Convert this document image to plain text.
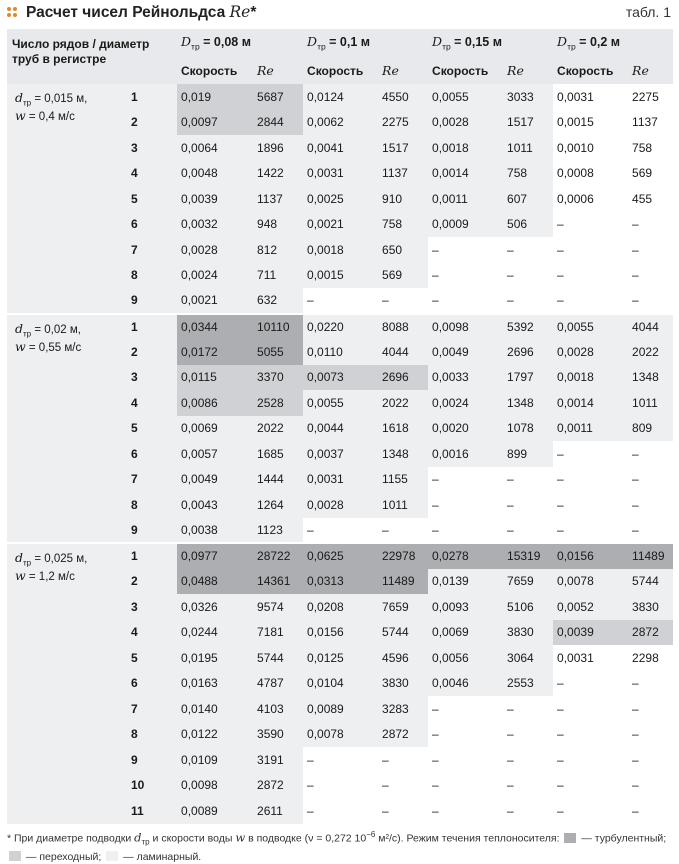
Расчет чисел Рейнольдса Re*	табл. 1
Число рядов / диаметр труб в регистре		$D_{тр} = 0,08$ м		$D_{тр} = 0,1$ м		$D_{тр} = 0,15$ м		$D_{тр} = 0,2$ м	
		Скорость	Re	Скорость	Re	Скорость	Re	Скорость	Re
$d_{тр} = 0,015$ м,
w = 0,4 м/с	1	0,019	5687	0,0124	4550	0,0055	3033	0,0031	2275
	2	0,0097	2844	0,0062	2275	0,0028	1517	0,0015	1137
	3	0,0064	1896	0,0041	1517	0,0018	1011	0,0010	758
	4	0,0048	1422	0,0031	1137	0,0014	758	0,0008	569
	5	0,0039	1137	0,0025	910	0,0011	607	0,0006	455
	6	0,0032	948	0,0021	758	0,0009	506	–	–
	7	0,0028	812	0,0018	650	–	–	–	–
	8	0,0024	711	0,0015	569	–	–	–	–
	9	0,0021	632	–	–	–	–	–	–
$d_{тр} = 0,02$ м,
w = 0,55 м/с	1	0,0344	10110	0,0220	8088	0,0098	5392	0,0055	4044
	2	0,0172	5055	0,0110	4044	0,0049	2696	0,0028	2022
	3	0,0115	3370	0,0073	2696	0,0033	1797	0,0018	1348
	4	0,0086	2528	0,0055	2022	0,0024	1348	0,0014	1011
	5	0,0069	2022	0,0044	1618	0,0020	1078	0,0011	809
	6	0,0057	1685	0,0037	1348	0,0016	899	–	–
	7	0,0049	1444	0,0031	1155	–	–	–	–
	8	0,0043	1264	0,0028	1011	–	–	–	–
	9	0,0038	1123	–	–	–	–	–	–
$d_{тр} = 0,025$ м,
w = 1,2 м/с	1	0,0977	28722	0,0625	22978	0,0278	15319	0,0156	11489
	2	0,0488	14361	0,0313	11489	0,0139	7659	0,0078	5744
	3	0,0326	9574	0,0208	7659	0,0093	5106	0,0052	3830
	4	0,0244	7181	0,0156	5744	0,0069	3830	0,0039	2872
	5	0,0195	5744	0,0125	4596	0,0056	3064	0,0031	2298
	6	0,0163	4787	0,0104	3830	0,0046	2553	–	–
	7	0,0140	4103	0,0089	3283	–	–	–	–
	8	0,0122	3590	0,0078	2872	–	–	–	–
	9	0,0109	3191	–	–	–	–	–	–
	10	0,0098	2872	–	–	–	–	–	–
	11	0,0089	2611	–	–	–	–	–	–
* При диаметре подводки $d_{тр}$ и скорости воды w в подводке (ν = 0,272 $10^{-6}$ м²/с). Режим течения теплоносителя:  — турбулентный;
— переходный;  — ламинарный.
